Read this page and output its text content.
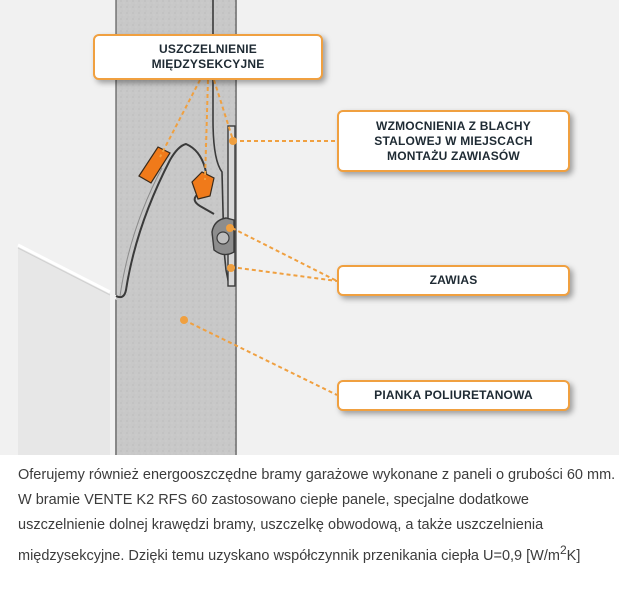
USZCZELNIENIE
MIĘDZYSEKCYJNE
WZMOCNIENIA Z BLACHY
STALOWEJ W MIEJSCACH
MONTAŻU ZAWIASÓW
ZAWIAS
PIANKA POLIURETANOWA

Oferujemy również energooszczędne bramy garażowe wykonane z paneli o grubości 60 mm. W bramie VENTE K2 RFS 60 zastosowano ciepłe panele, specjalne dodatkowe uszczelnienie dolnej krawędzi bramy, uszczelkę obwodową, a także uszczelnienia międzysekcyjne. Dzięki temu uzyskano współczynnik przenikania ciepła U=0,9 $[W/m^2K]$
